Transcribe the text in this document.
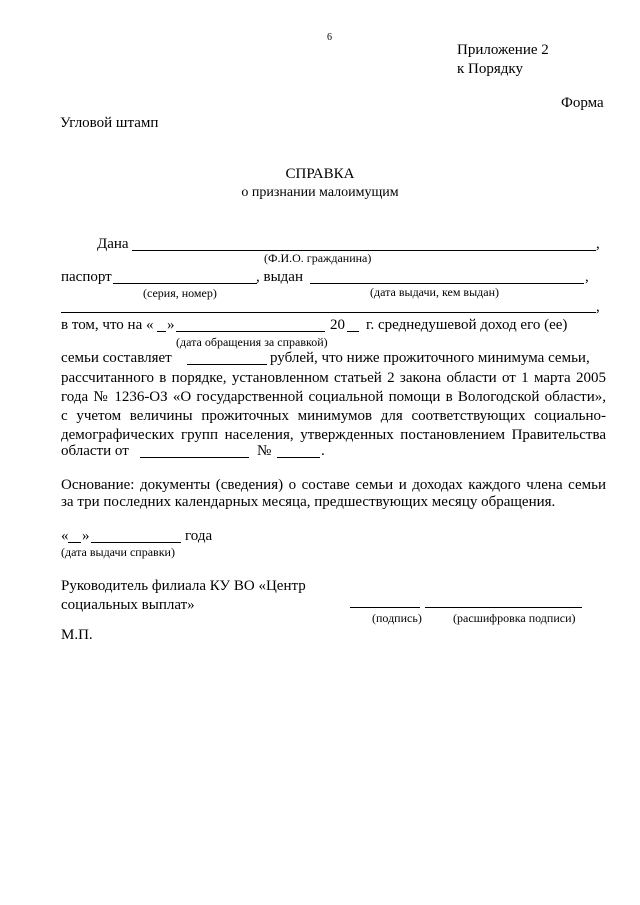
6
Приложение 2
к Порядку
Форма
Угловой штамп
СПРАВКА
о признании малоимущим
Дана	,
(Ф.И.О. гражданина)
паспорт	, выдан	,
(серия, номер)	(дата выдачи, кем выдан)
,
в том, что на « »	20 г. среднедушевой доход его (ее)
(дата обращения за справкой)
семьи составляет	рублей, что ниже прожиточного минимума семьи,
рассчитанного в порядке, установленном статьей 2 закона области от 1 марта 2005
года № 1236-ОЗ «О государственной социальной помощи в Вологодской области»,
с учетом величины прожиточных минимумов для соответствующих социально-
демографических групп населения, утвержденных постановлением Правительства
области от	№	.
Основание: документы (сведения) о составе семьи и доходах каждого члена семьи
за три последних календарных месяца, предшествующих месяцу обращения.
« »	года
(дата выдачи справки)
Руководитель филиала КУ ВО «Центр
социальных выплат»
(подпись)	(расшифровка подписи)
М.П.
